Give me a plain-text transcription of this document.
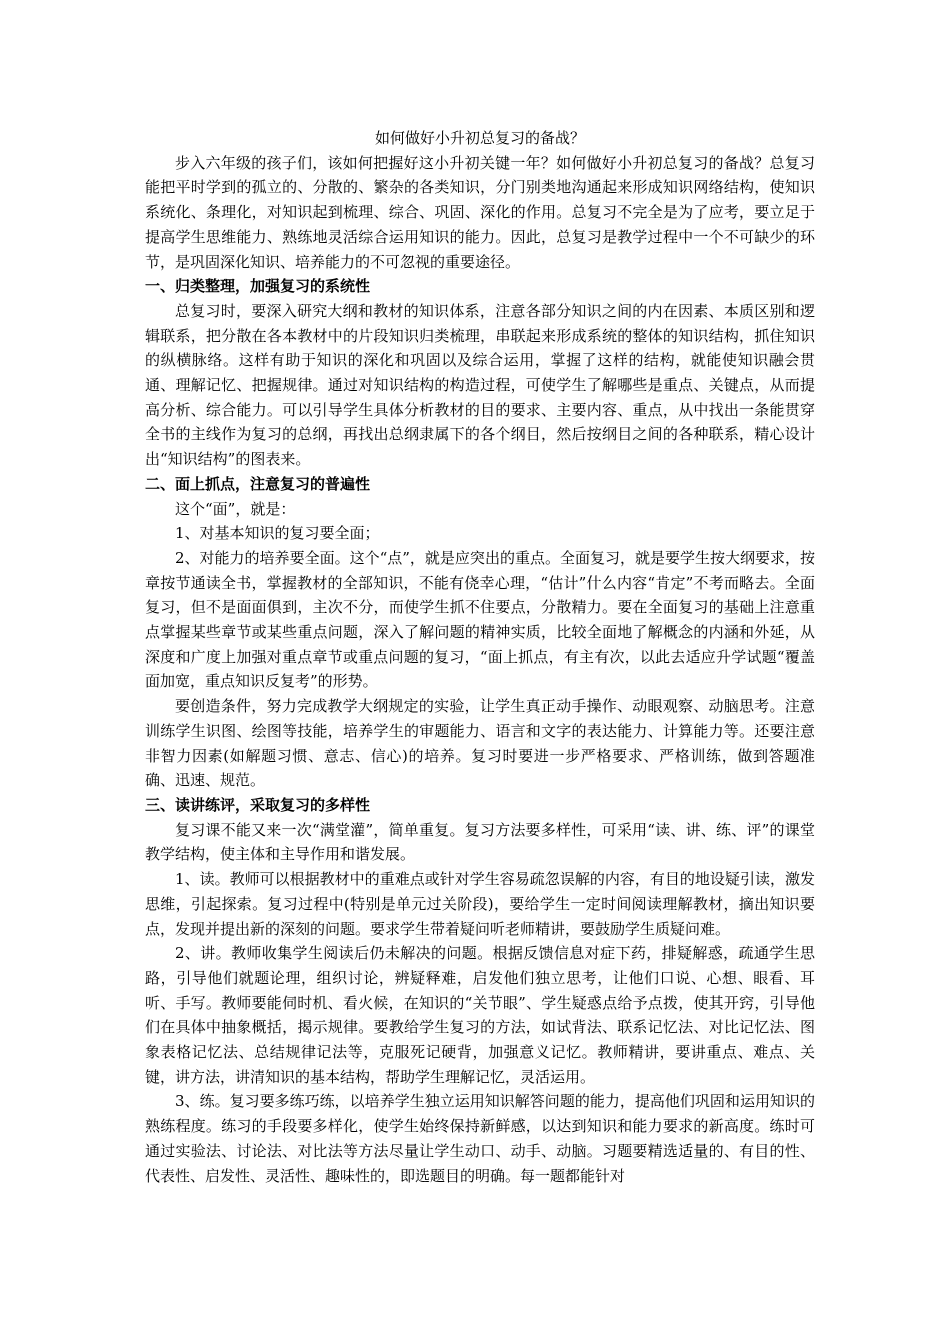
如何做好小升初总复习的备战？

步入六年级的孩子们，该如何把握好这小升初关键一年？如何做好小升初总复习的备战？总复习能把平时学到的孤立的、分散的、繁杂的各类知识，分门别类地沟通起来形成知识网络结构，使知识系统化、条理化，对知识起到梳理、综合、巩固、深化的作用。总复习不完全是为了应考，要立足于提高学生思维能力、熟练地灵活综合运用知识的能力。因此，总复习是教学过程中一个不可缺少的环节，是巩固深化知识、培养能力的不可忽视的重要途径。

一、归类整理，加强复习的系统性

总复习时，要深入研究大纲和教材的知识体系，注意各部分知识之间的内在因素、本质区别和逻辑联系，把分散在各本教材中的片段知识归类梳理，串联起来形成系统的整体的知识结构，抓住知识的纵横脉络。这样有助于知识的深化和巩固以及综合运用，掌握了这样的结构，就能使知识融会贯通、理解记忆、把握规律。通过对知识结构的构造过程，可使学生了解哪些是重点、关键点，从而提高分析、综合能力。可以引导学生具体分析教材的目的要求、主要内容、重点，从中找出一条能贯穿全书的主线作为复习的总纲，再找出总纲隶属下的各个纲目，然后按纲目之间的各种联系，精心设计出“知识结构”的图表来。

二、面上抓点，注意复习的普遍性

这个“面”，就是：

1、对基本知识的复习要全面；

2、对能力的培养要全面。这个“点”，就是应突出的重点。全面复习，就是要学生按大纲要求，按章按节通读全书，掌握教材的全部知识，不能有侥幸心理，“估计”什么内容“肯定”不考而略去。全面复习，但不是面面俱到，主次不分，而使学生抓不住要点，分散精力。要在全面复习的基础上注意重点掌握某些章节或某些重点问题，深入了解问题的精神实质，比较全面地了解概念的内涵和外延，从深度和广度上加强对重点章节或重点问题的复习，“面上抓点，有主有次，以此去适应升学试题“覆盖面加宽，重点知识反复考”的形势。

要创造条件，努力完成教学大纲规定的实验，让学生真正动手操作、动眼观察、动脑思考。注意训练学生识图、绘图等技能，培养学生的审题能力、语言和文字的表达能力、计算能力等。还要注意非智力因素(如解题习惯、意志、信心)的培养。复习时要进一步严格要求、严格训练，做到答题准确、迅速、规范。

三、读讲练评，采取复习的多样性

复习课不能又来一次“满堂灌”，简单重复。复习方法要多样性，可采用“读、讲、练、评”的课堂教学结构，使主体和主导作用和谐发展。

1、读。教师可以根据教材中的重难点或针对学生容易疏忽误解的内容，有目的地设疑引读，激发思维，引起探索。复习过程中(特别是单元过关阶段)，要给学生一定时间阅读理解教材，摘出知识要点，发现并提出新的深刻的问题。要求学生带着疑问听老师精讲，要鼓励学生质疑问难。

2、讲。教师收集学生阅读后仍未解决的问题。根据反馈信息对症下药，排疑解惑，疏通学生思路，引导他们就题论理，组织讨论，辨疑释难，启发他们独立思考，让他们口说、心想、眼看、耳听、手写。教师要能伺时机、看火候，在知识的“关节眼”、学生疑惑点给予点拨，使其开窍，引导他们在具体中抽象概括，揭示规律。要教给学生复习的方法，如试背法、联系记忆法、对比记忆法、图象表格记忆法、总结规律记法等，克服死记硬背，加强意义记忆。教师精讲，要讲重点、难点、关键，讲方法，讲清知识的基本结构，帮助学生理解记忆，灵活运用。

3、练。复习要多练巧练，以培养学生独立运用知识解答问题的能力，提高他们巩固和运用知识的熟练程度。练习的手段要多样化，使学生始终保持新鲜感，以达到知识和能力要求的新高度。练时可通过实验法、讨论法、对比法等方法尽量让学生动口、动手、动脑。习题要精选适量的、有目的性、代表性、启发性、灵活性、趣味性的，即选题目的明确。每一题都能针对
